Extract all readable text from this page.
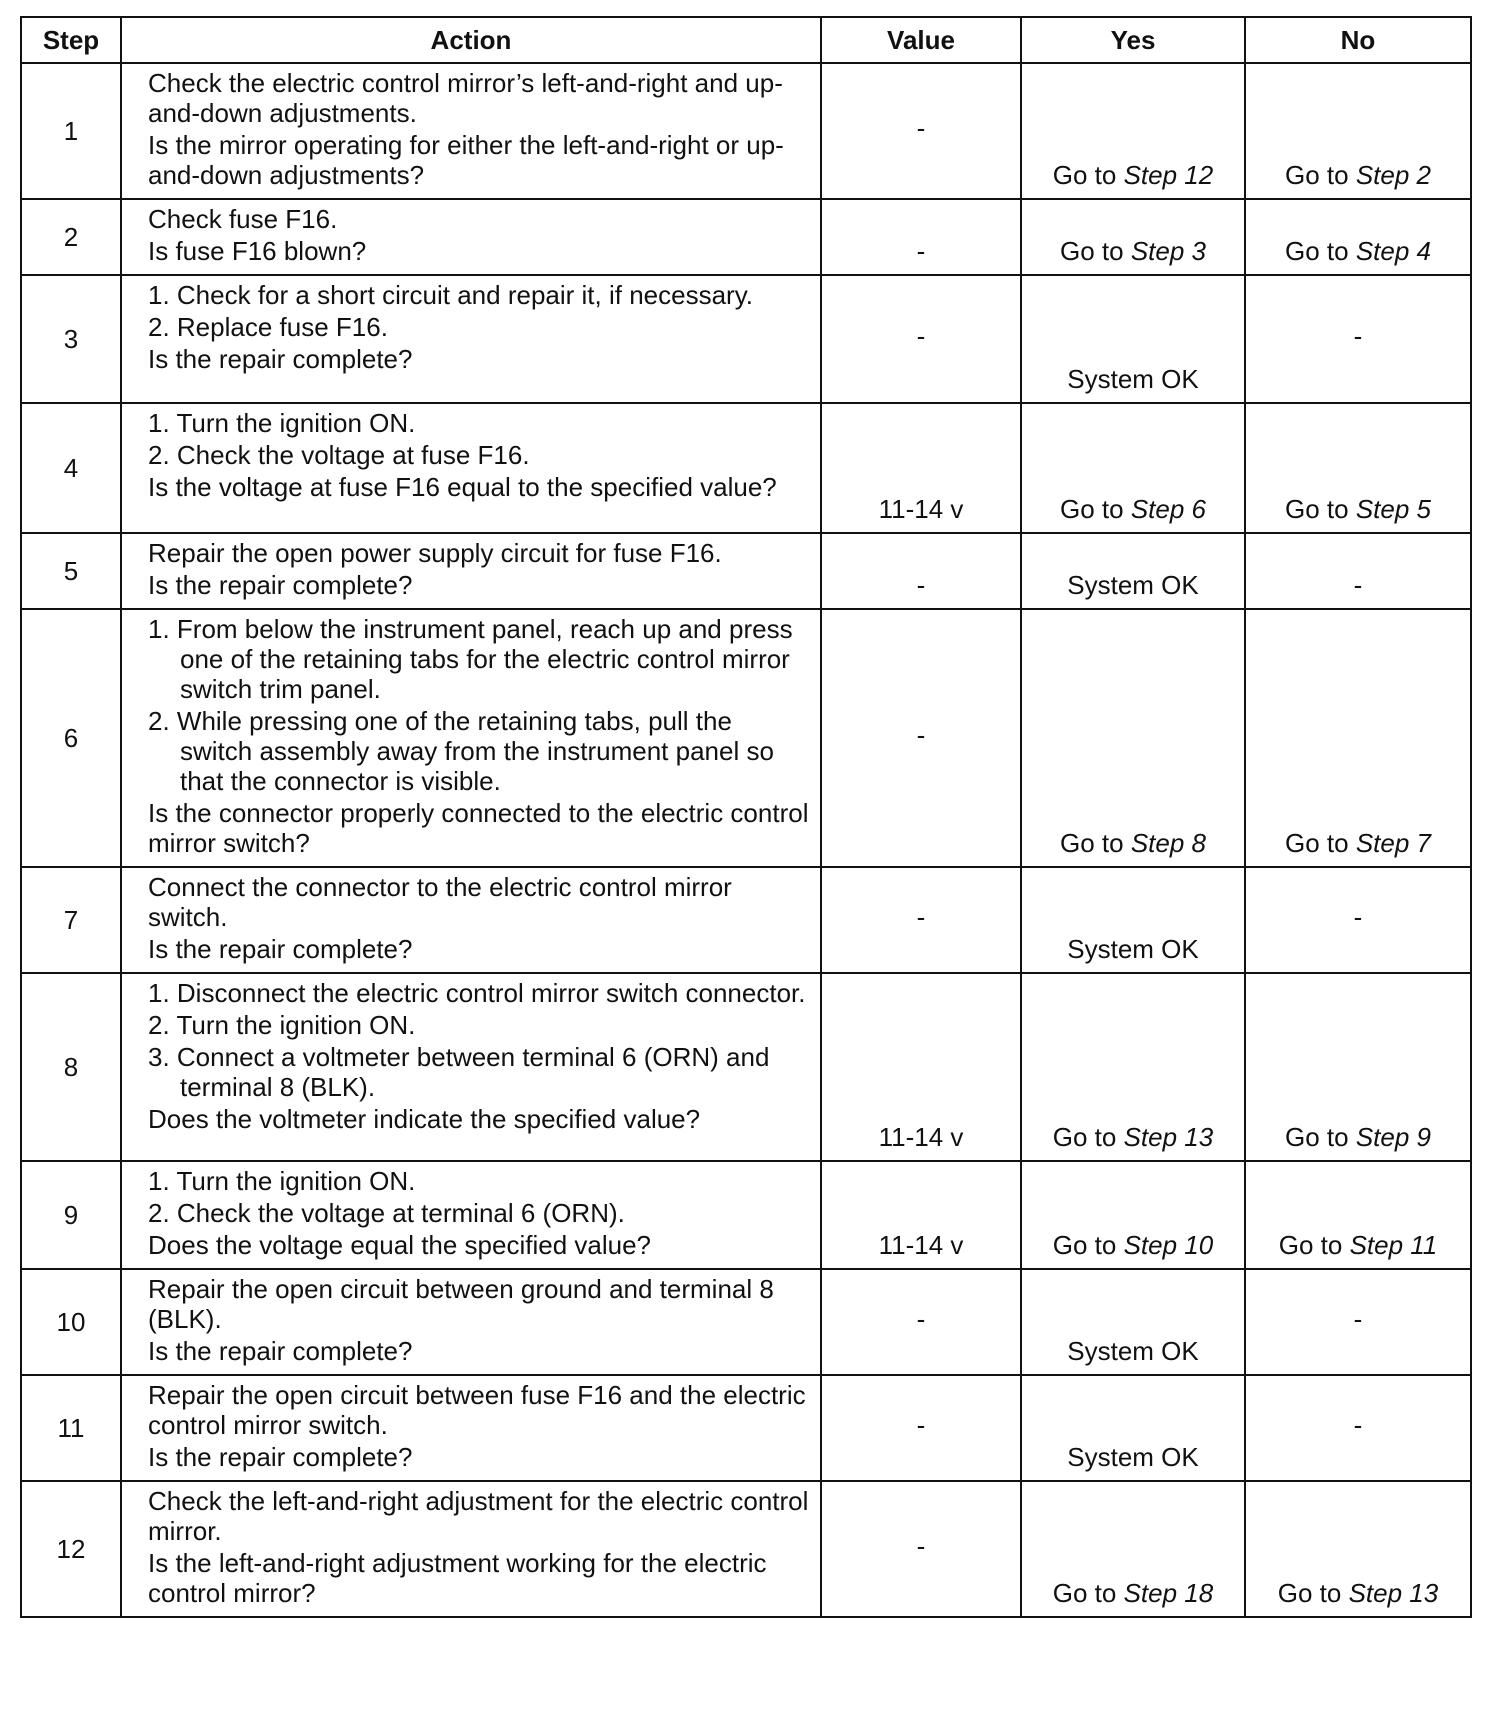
Step	Action	Value	Yes	No
1	Check the electric control mirror’s left-and-right and up-and-down adjustments.
Is the mirror operating for either the left-and-right or up-and-down adjustments?	-	Go to Step 12	Go to Step 2
2	Check fuse F16.
Is fuse F16 blown?	-	Go to Step 3	Go to Step 4
3	1. Check for a short circuit and repair it, if necessary.
2. Replace fuse F16.
Is the repair complete?	-	System OK	-
4	1. Turn the ignition ON.
2. Check the voltage at fuse F16.
Is the voltage at fuse F16 equal to the specified value?	11-14 v	Go to Step 6	Go to Step 5
5	Repair the open power supply circuit for fuse F16.
Is the repair complete?	-	System OK	-
6	1. From below the instrument panel, reach up and press one of the retaining tabs for the electric control mirror switch trim panel.
2. While pressing one of the retaining tabs, pull the switch assembly away from the instrument panel so that the connector is visible.
Is the connector properly connected to the electric control mirror switch?	-	Go to Step 8	Go to Step 7
7	Connect the connector to the electric control mirror switch.
Is the repair complete?	-	System OK	-
8	1. Disconnect the electric control mirror switch connector.
2. Turn the ignition ON.
3. Connect a voltmeter between terminal 6 (ORN) and terminal 8 (BLK).
Does the voltmeter indicate the specified value?	11-14 v	Go to Step 13	Go to Step 9
9	1. Turn the ignition ON.
2. Check the voltage at terminal 6 (ORN).
Does the voltage equal the specified value?	11-14 v	Go to Step 10	Go to Step 11
10	Repair the open circuit between ground and terminal 8 (BLK).
Is the repair complete?	-	System OK	-
11	Repair the open circuit between fuse F16 and the electric control mirror switch.
Is the repair complete?	-	System OK	-
12	Check the left-and-right adjustment for the electric control mirror.
Is the left-and-right adjustment working for the electric control mirror?	-	Go to Step 18	Go to Step 13
